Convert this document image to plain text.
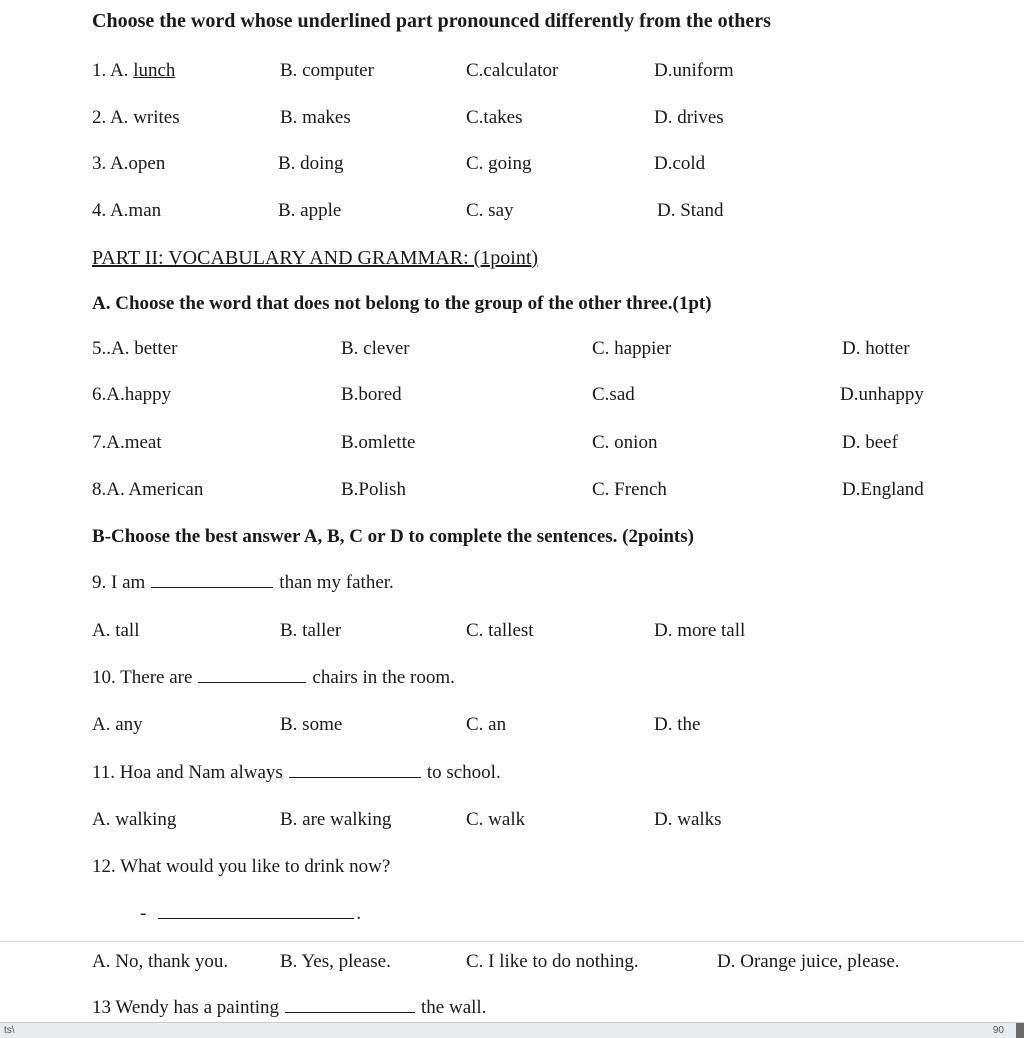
Choose the word whose underlined part pronounced differently from the others
1. A. lunch	B. computer	C.calculator	D.uniform
2. A. writes	B. makes	C.takes	D. drives
3. A.open	B. doing	C. going	D.cold
4. A.man	B. apple	C. say	D. Stand
PART II: VOCABULARY AND GRAMMAR: (1point)
A. Choose the word that does not belong to the group of the other three.(1pt)
5..A. better	B. clever	C. happier	D. hotter
6.A.happy	B.bored	C.sad	D.unhappy
7.A.meat	B.omlette	C. onion	D. beef
8.A. American	B.Polish	C. French	D.England
B-Choose the best answer A, B, C or D to complete the sentences. (2points)
9. I am	than my father.
A. tall	B. taller	C. tallest	D. more tall
10. There are	chairs in the room.
A. any	B. some	C. an	D. the
11. Hoa and Nam always	to school.
A. walking	B. are walking	C. walk	D. walks
12. What would you like to drink now?
-	.
A. No, thank you.	B. Yes, please.	C. I like to do nothing.	D. Orange juice, please.
13 Wendy has a painting	the wall.
ts\	90
